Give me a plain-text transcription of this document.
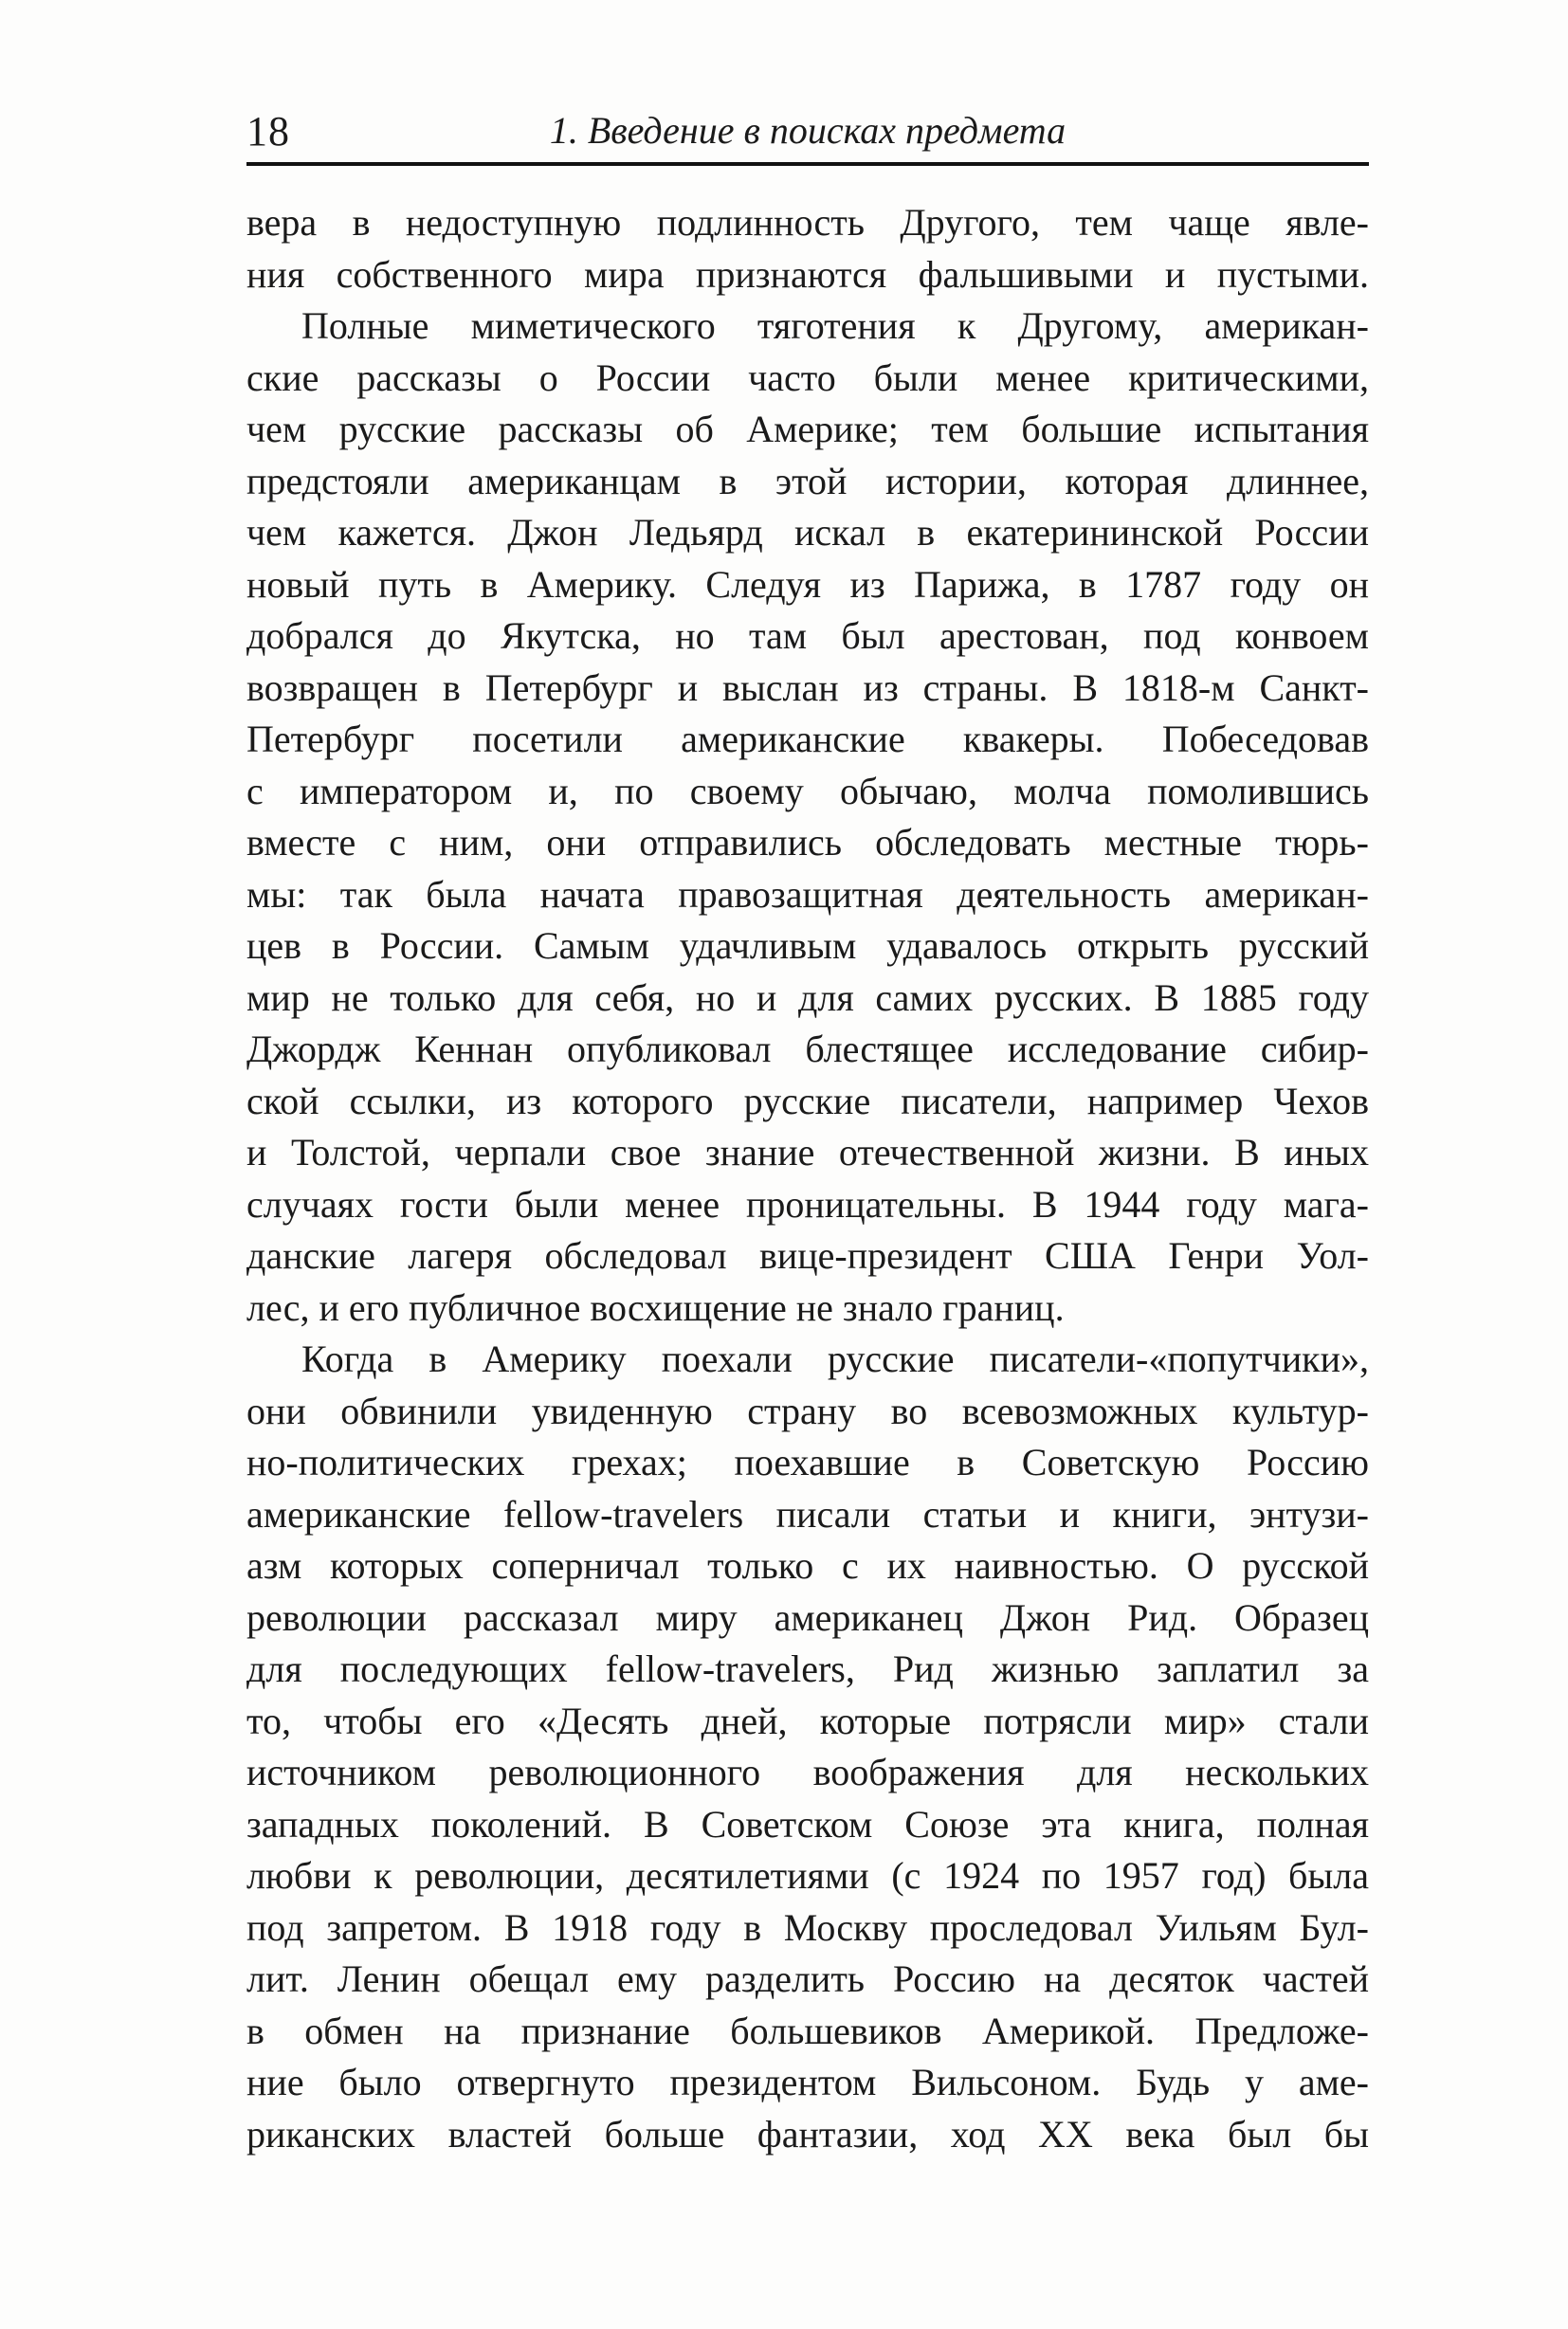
18	1. Введение в поисках предмета
вера в недоступную подлинность Другого, тем чаще явле-
ния собственного мира признаются фальшивыми и пустыми.
Полные миметического тяготения к Другому, американ-
ские рассказы о России часто были менее критическими,
чем русские рассказы об Америке; тем большие испытания
предстояли американцам в этой истории, которая длиннее,
чем кажется. Джон Ледьярд искал в екатерининской России
новый путь в Америку. Следуя из Парижа, в 1787 году он
добрался до Якутска, но там был арестован, под конвоем
возвращен в Петербург и выслан из страны. В 1818-м Санкт-
Петербург посетили американские квакеры. Побеседовав
с императором и, по своему обычаю, молча помолившись
вместе с ним, они отправились обследовать местные тюрь-
мы: так была начата правозащитная деятельность американ-
цев в России. Самым удачливым удавалось открыть русский
мир не только для себя, но и для самих русских. В 1885 году
Джордж Кеннан опубликовал блестящее исследование сибир-
ской ссылки, из которого русские писатели, например Чехов
и Толстой, черпали свое знание отечественной жизни. В иных
случаях гости были менее проницательны. В 1944 году мага-
данские лагеря обследовал вице-президент США Генри Уол-
лес, и его публичное восхищение не знало границ.
Когда в Америку поехали русские писатели-«попутчики»,
они обвинили увиденную страну во всевозможных культур-
но-политических грехах; поехавшие в Советскую Россию
американские fellow-travelers писали статьи и книги, энтузи-
азм которых соперничал только с их наивностью. О русской
революции рассказал миру американец Джон Рид. Образец
для последующих fellow-travelers, Рид жизнью заплатил за
то, чтобы его «Десять дней, которые потрясли мир» стали
источником революционного воображения для нескольких
западных поколений. В Советском Союзе эта книга, полная
любви к революции, десятилетиями (с 1924 по 1957 год) была
под запретом. В 1918 году в Москву проследовал Уильям Бул-
лит. Ленин обещал ему разделить Россию на десяток частей
в обмен на признание большевиков Америкой. Предложе-
ние было отвергнуто президентом Вильсоном. Будь у аме-
риканских властей больше фантазии, ход XX века был бы
